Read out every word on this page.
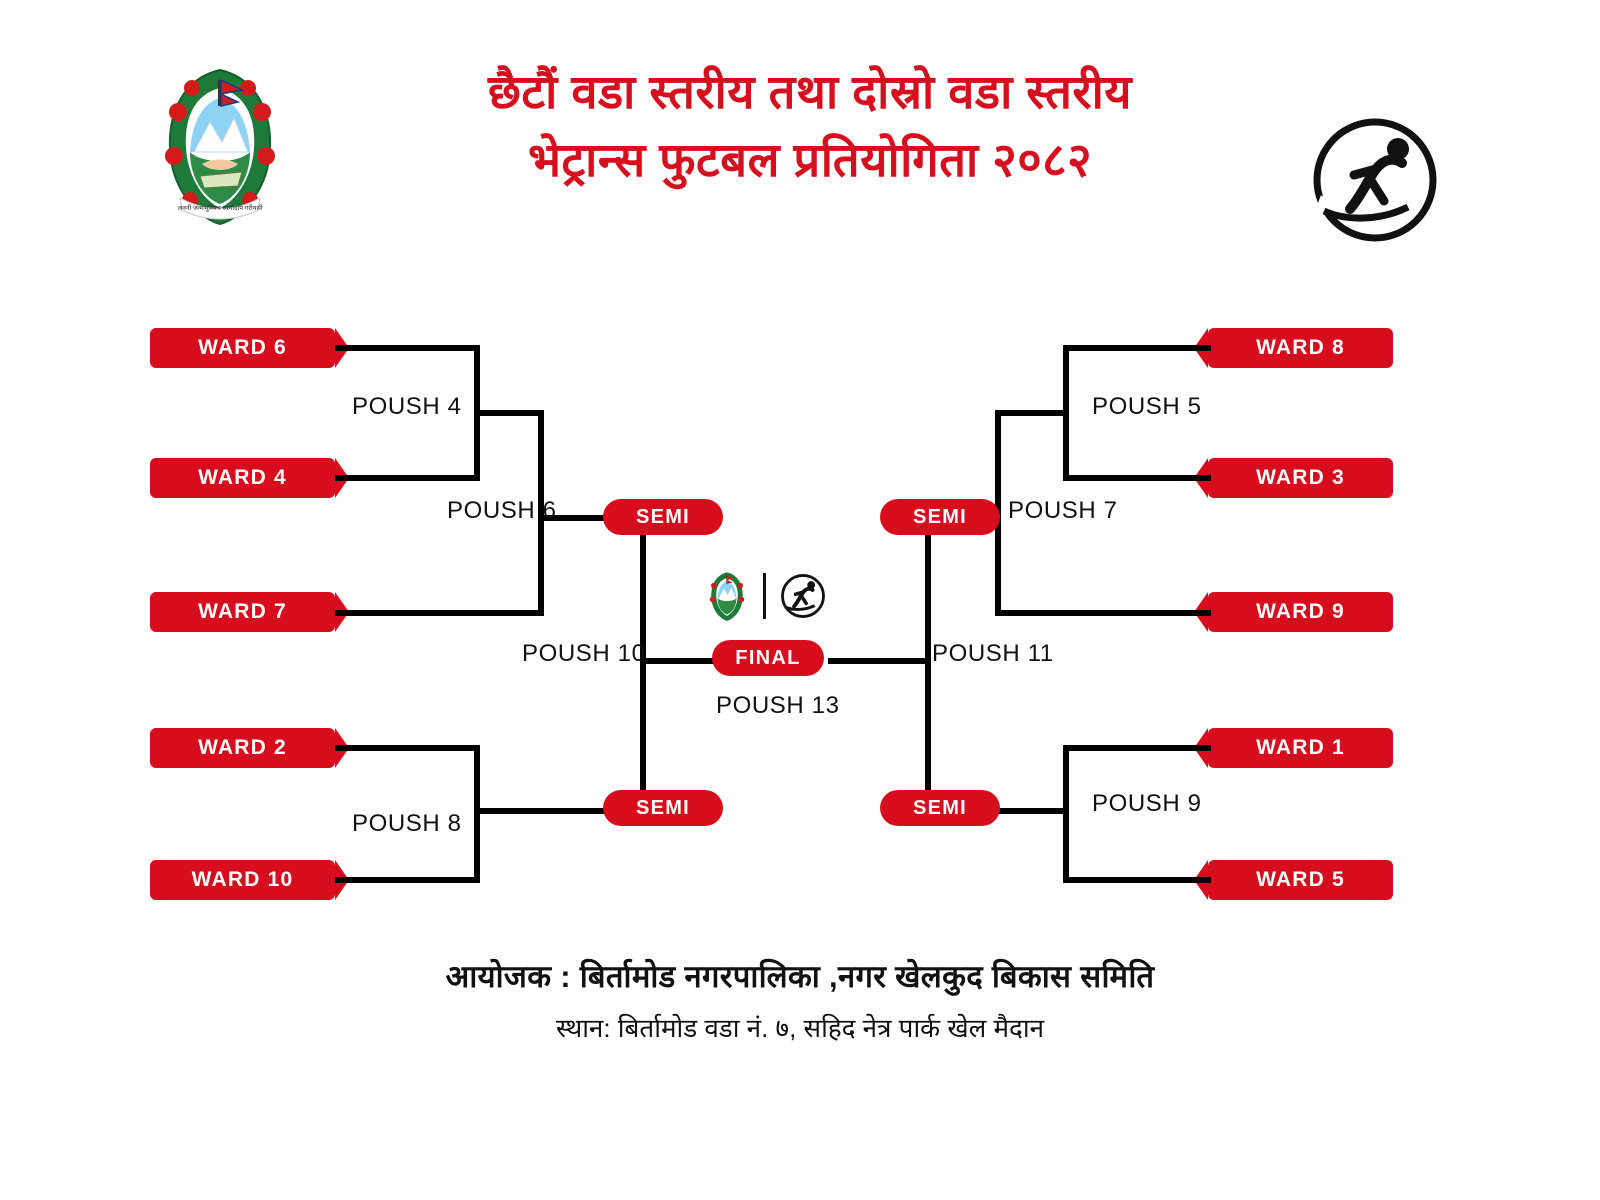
जननी जन्मभूमिश्च स्वर्गादपि गरीयसी
छैटौं वडा स्तरीय तथा दोस्रो वडा स्तरीय
भेट्रान्स फुटबल प्रतियोगिता २०८२
WARD 6
WARD 4
WARD 7
WARD 2
WARD 10
POUSH 4
POUSH 6	SEMI
POUSH 8
SEMI
POUSH 10	FINAL
POUSH 13
WARD 8
WARD 3
WARD 9
WARD 1
WARD 5
POUSH 5
POUSH 7
SEMI
POUSH 9
SEMI
POUSH 11
आयोजक : बिर्तामोड नगरपालिका ,नगर खेलकुद बिकास समिति
स्थान: बिर्तामोड वडा नं. ७, सहिद नेत्र पार्क खेल मैदान
